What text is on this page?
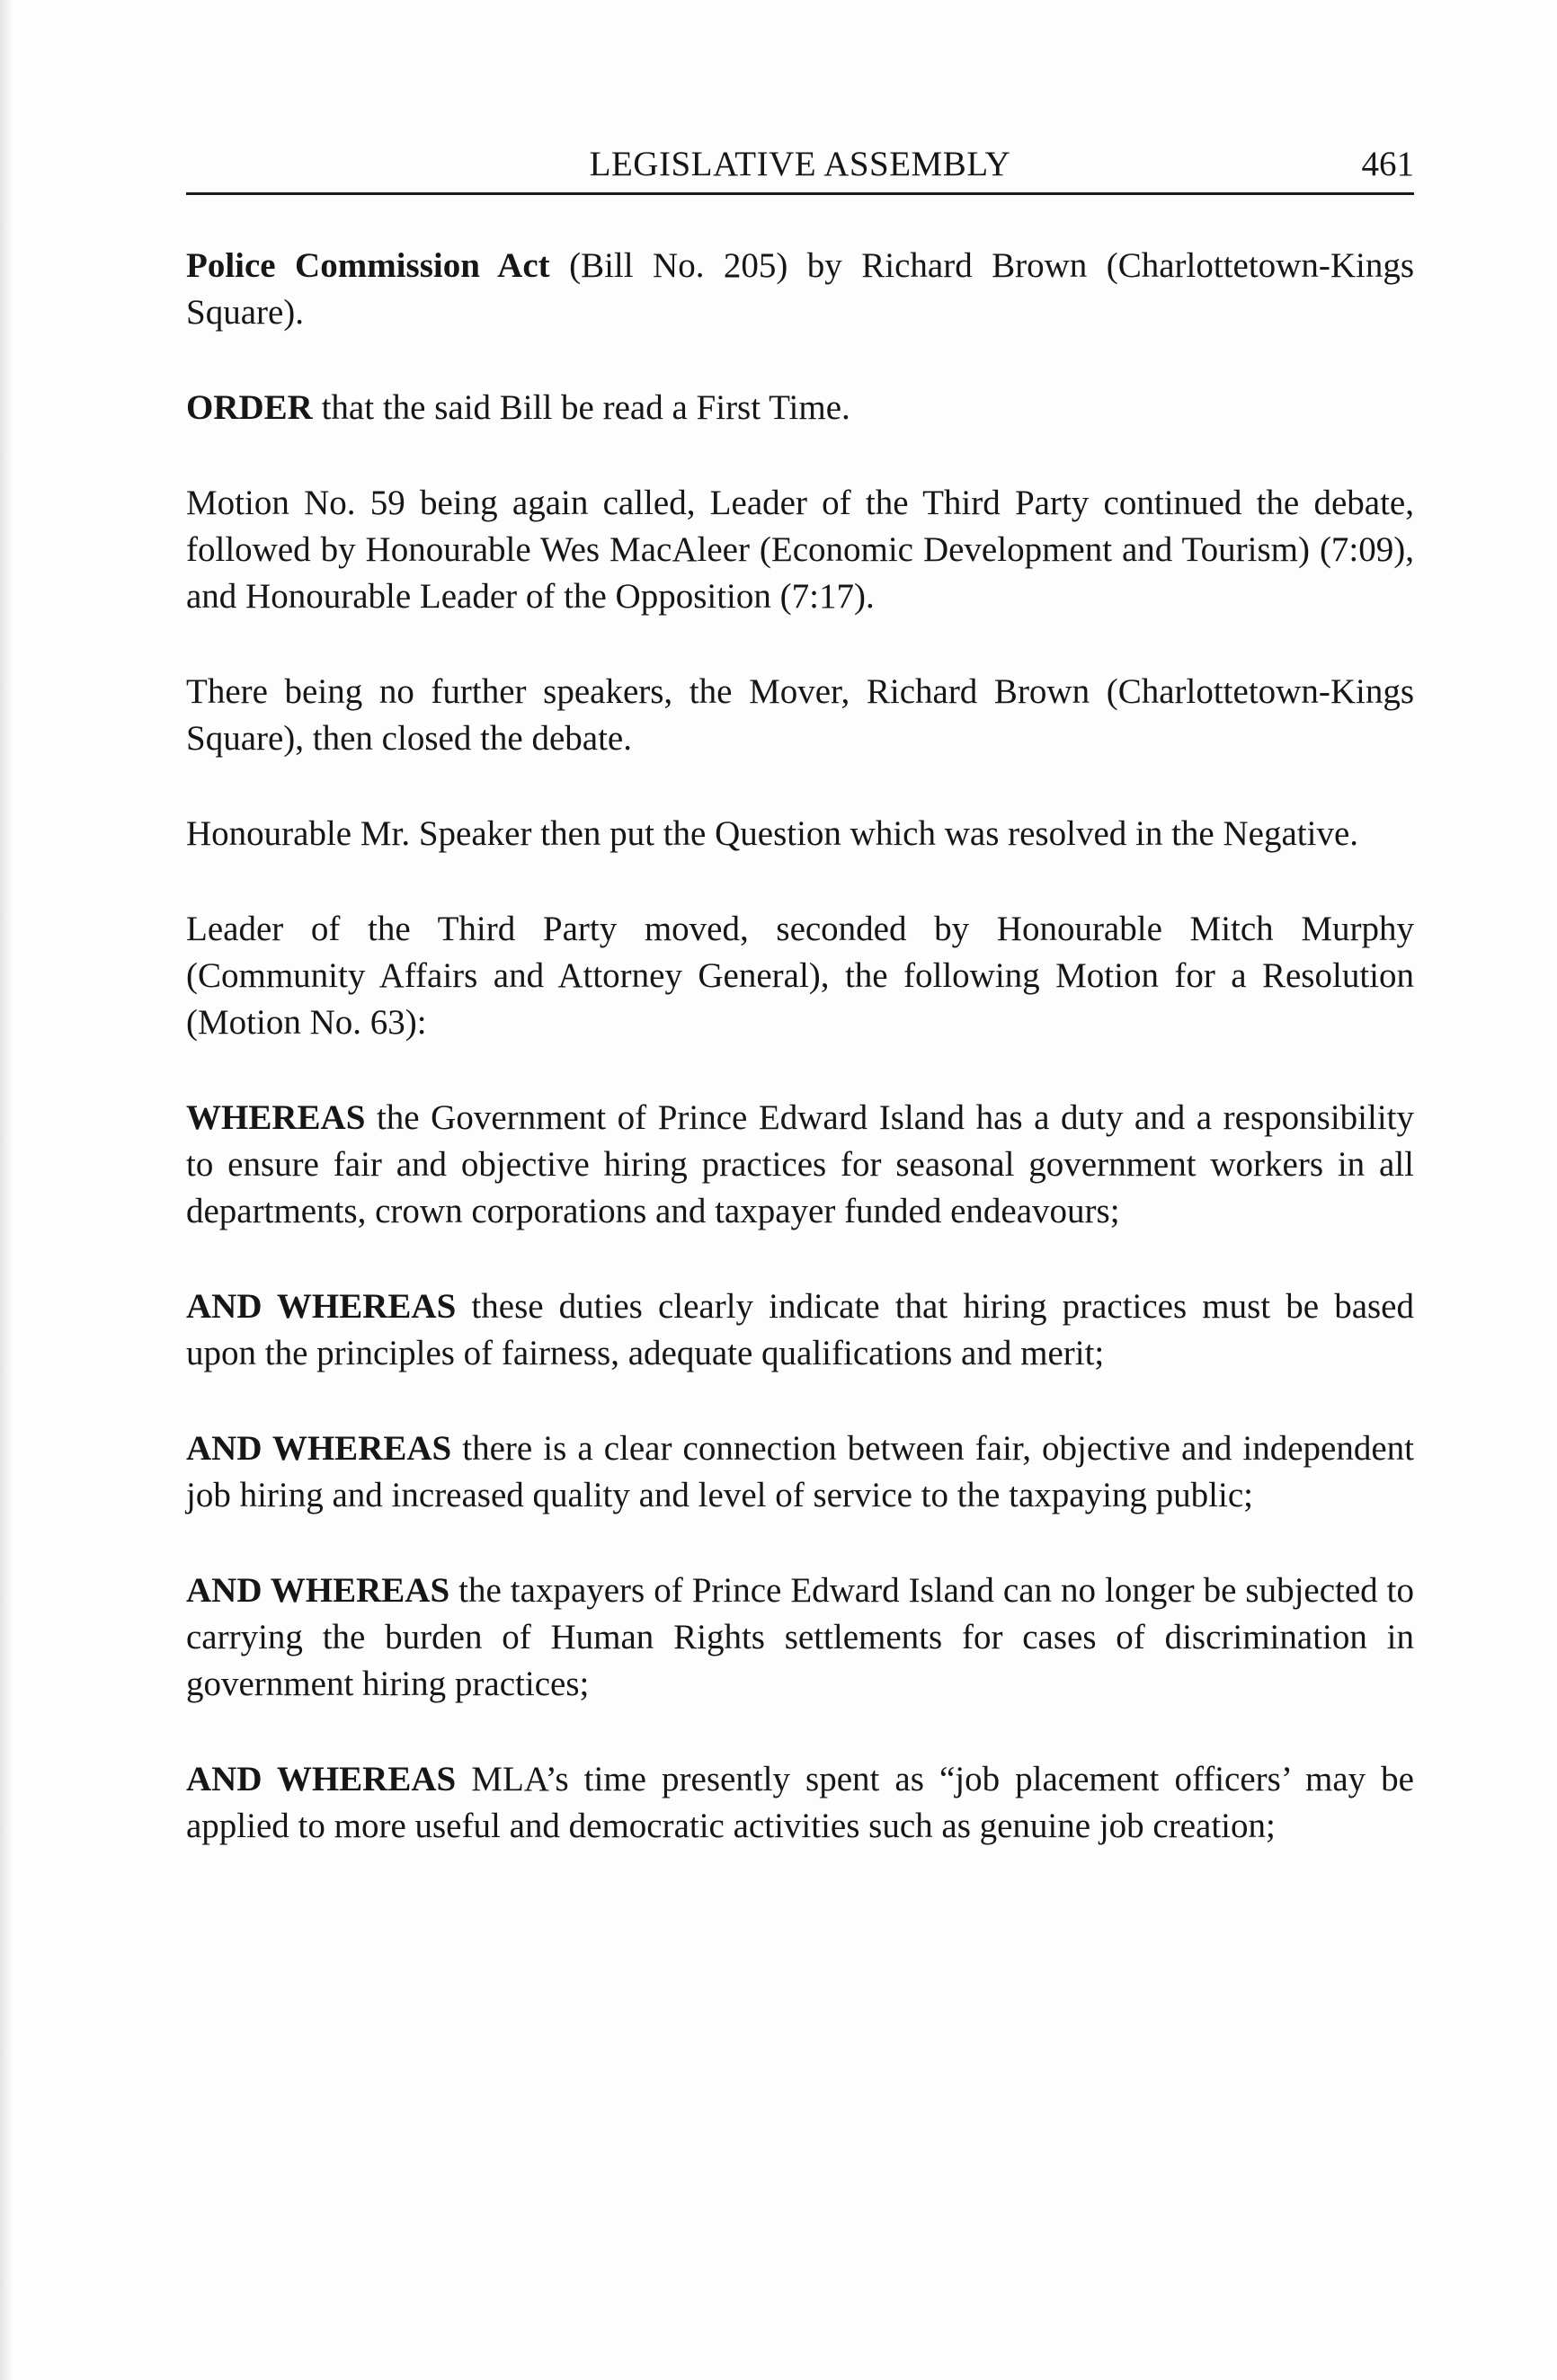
LEGISLATIVE ASSEMBLY	461

Police Commission Act (Bill No. 205) by Richard Brown (Charlottetown-Kings Square).

ORDER that the said Bill be read a First Time.

Motion No. 59 being again called, Leader of the Third Party continued the debate, followed by Honourable Wes MacAleer (Economic Development and Tourism) (7:09), and Honourable Leader of the Opposition (7:17).

There being no further speakers, the Mover, Richard Brown (Charlottetown-Kings Square), then closed the debate.

Honourable Mr. Speaker then put the Question which was resolved in the Negative.

Leader of the Third Party moved, seconded by Honourable Mitch Murphy (Community Affairs and Attorney General), the following Motion for a Resolution (Motion No. 63):

WHEREAS the Government of Prince Edward Island has a duty and a responsibility to ensure fair and objective hiring practices for seasonal government workers in all departments, crown corporations and taxpayer funded endeavours;

AND WHEREAS these duties clearly indicate that hiring practices must be based upon the principles of fairness, adequate qualifications and merit;

AND WHEREAS there is a clear connection between fair, objective and independent job hiring and increased quality and level of service to the taxpaying public;

AND WHEREAS the taxpayers of Prince Edward Island can no longer be subjected to carrying the burden of Human Rights settlements for cases of discrimination in government hiring practices;

AND WHEREAS MLA’s time presently spent as “job placement officers’ may be applied to more useful and democratic activities such as genuine job creation;
